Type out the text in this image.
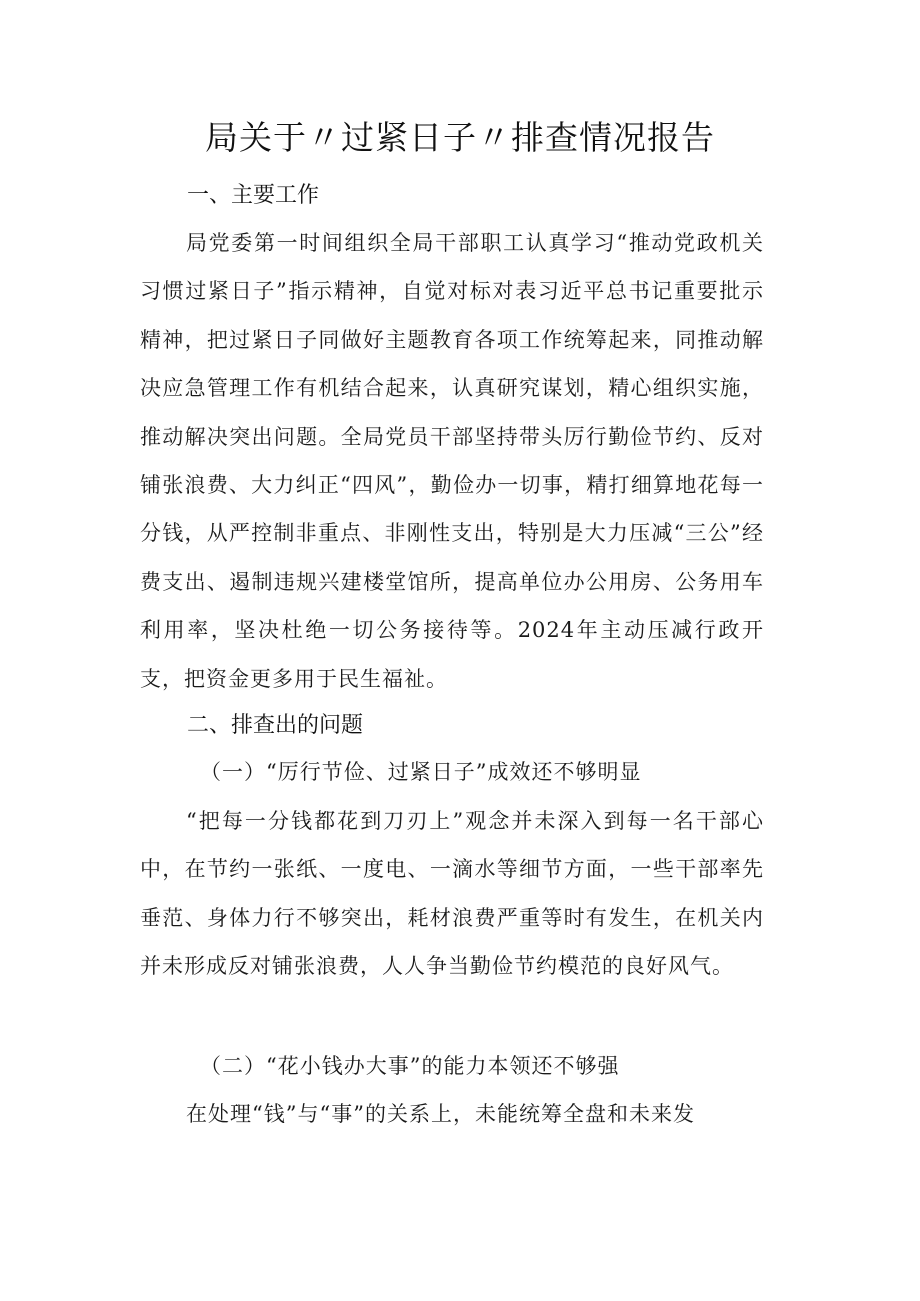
局关于〃过紧日子〃排查情况报告
一、主要工作
局党委第一时间组织全局干部职工认真学习“推动党政机关习惯过紧日子”指示精神，自觉对标对表习近平总书记重要批示精神，把过紧日子同做好主题教育各项工作统筹起来，同推动解决应急管理工作有机结合起来，认真研究谋划，精心组织实施，推动解决突出问题。全局党员干部坚持带头厉行勤俭节约、反对铺张浪费、大力纠正“四风”，勤俭办一切事，精打细算地花每一分钱，从严控制非重点、非刚性支出，特别是大力压减“三公”经费支出、遏制违规兴建楼堂馆所，提高单位办公用房、公务用车利用率，坚决杜绝一切公务接待等。2024年主动压减行政开支，把资金更多用于民生福祉。
二、排查出的问题
（一）“厉行节俭、过紧日子”成效还不够明显
“把每一分钱都花到刀刃上”观念并未深入到每一名干部心中，在节约一张纸、一度电、一滴水等细节方面，一些干部率先垂范、身体力行不够突出，耗材浪费严重等时有发生，在机关内并未形成反对铺张浪费，人人争当勤俭节约模范的良好风气。
（二）“花小钱办大事”的能力本领还不够强
在处理“钱”与“事”的关系上，未能统筹全盘和未来发
